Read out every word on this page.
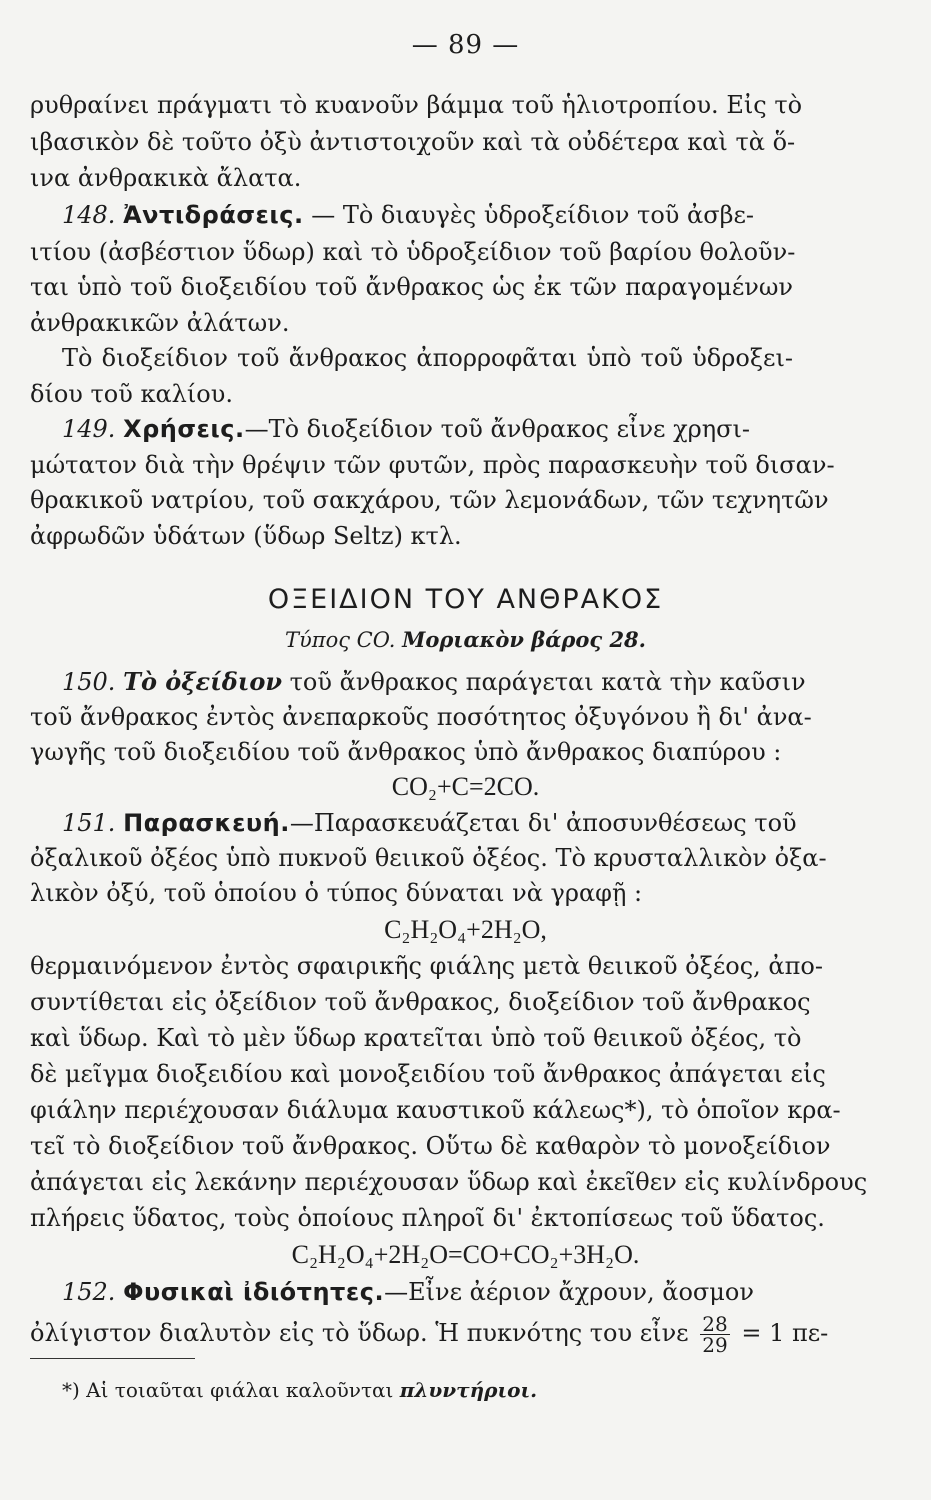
— 89 —
ρυθραίνει πράγματι τὸ κυανοῦν βάμμα τοῦ ἡλιοτροπίου. Εἰς τὸ
ιβασικὸν δὲ τοῦτο ὀξὺ ἀντιστοιχοῦν καὶ τὰ οὐδέτερα καὶ τὰ ὅ-
ινα ἀνθρακικὰ ἄλατα.
148. Ἀντιδράσεις. — Τὸ διαυγὲς ὑδροξείδιον τοῦ ἀσβε-
ιτίου (ἀσβέστιον ὕδωρ) καὶ τὸ ὑδροξείδιον τοῦ βαρίου θολοῦν-
ται ὑπὸ τοῦ διοξειδίου τοῦ ἄνθρακος ὡς ἐκ τῶν παραγομένων
ἀνθρακικῶν ἀλάτων.
Τὸ διοξείδιον τοῦ ἄνθρακος ἀπορροφᾶται ὑπὸ τοῦ ὑδροξει-
δίου τοῦ καλίου.
149. Χρήσεις.—Τὸ διοξείδιον τοῦ ἄνθρακος εἶνε χρησι-
μώτατον διὰ τὴν θρέψιν τῶν φυτῶν, πρὸς παρασκευὴν τοῦ δισαν-
θρακικοῦ νατρίου, τοῦ σακχάρου, τῶν λεμονάδων, τῶν τεχνητῶν
ἀφρωδῶν ὑδάτων (ὕδωρ Seltz) κτλ.
ΟΞΕΙΔΙΟΝ ΤΟΥ ΑΝΘΡΑΚΟΣ
Τύπος CO. Μοριακὸν βάρος 28.
150. Τὸ ὀξείδιον τοῦ ἄνθρακος παράγεται κατὰ τὴν καῦσιν
τοῦ ἄνθρακος ἐντὸς ἀνεπαρκοῦς ποσότητος ὀξυγόνου ἢ δι' ἀνα-
γωγῆς τοῦ διοξειδίου τοῦ ἄνθρακος ὑπὸ ἄνθρακος διαπύρου :
CO₂+C=2CO.
151. Παρασκευή.—Παρασκευάζεται δι' ἀποσυνθέσεως τοῦ
ὀξαλικοῦ ὀξέος ὑπὸ πυκνοῦ θειικοῦ ὀξέος. Τὸ κρυσταλλικὸν ὀξα-
λικὸν ὀξύ, τοῦ ὁποίου ὁ τύπος δύναται νὰ γραφῇ :
C₂H₂O₄+2H₂O,
θερμαινόμενον ἐντὸς σφαιρικῆς φιάλης μετὰ θειικοῦ ὀξέος, ἀπο-
συντίθεται εἰς ὀξείδιον τοῦ ἄνθρακος, διοξείδιον τοῦ ἄνθρακος
καὶ ὕδωρ. Καὶ τὸ μὲν ὕδωρ κρατεῖται ὑπὸ τοῦ θειικοῦ ὀξέος, τὸ
δὲ μεῖγμα διοξειδίου καὶ μονοξειδίου τοῦ ἄνθρακος ἀπάγεται εἰς
φιάλην περιέχουσαν διάλυμα καυστικοῦ κάλεως*), τὸ ὁποῖον κρα-
τεῖ τὸ διοξείδιον τοῦ ἄνθρακος. Οὕτω δὲ καθαρὸν τὸ μονοξείδιον
ἀπάγεται εἰς λεκάνην περιέχουσαν ὕδωρ καὶ ἐκεῖθεν εἰς κυλίνδρους
πλήρεις ὕδατος, τοὺς ὁποίους πληροῖ δι' ἐκτοπίσεως τοῦ ὕδατος.
C₂H₂O₄+2H₂O=CO+CO₂+3H₂O.
152. Φυσικαὶ ἰδιότητες.—Εἶνε ἀέριον ἄχρουν, ἄοσμον
ὀλίγιστον διαλυτὸν εἰς τὸ ὕδωρ. Ἡ πυκνότης του εἶνε $\frac{28}{29} = 1$ πε-
*) Αἱ τοιαῦται φιάλαι καλοῦνται πλυντήριοι.
